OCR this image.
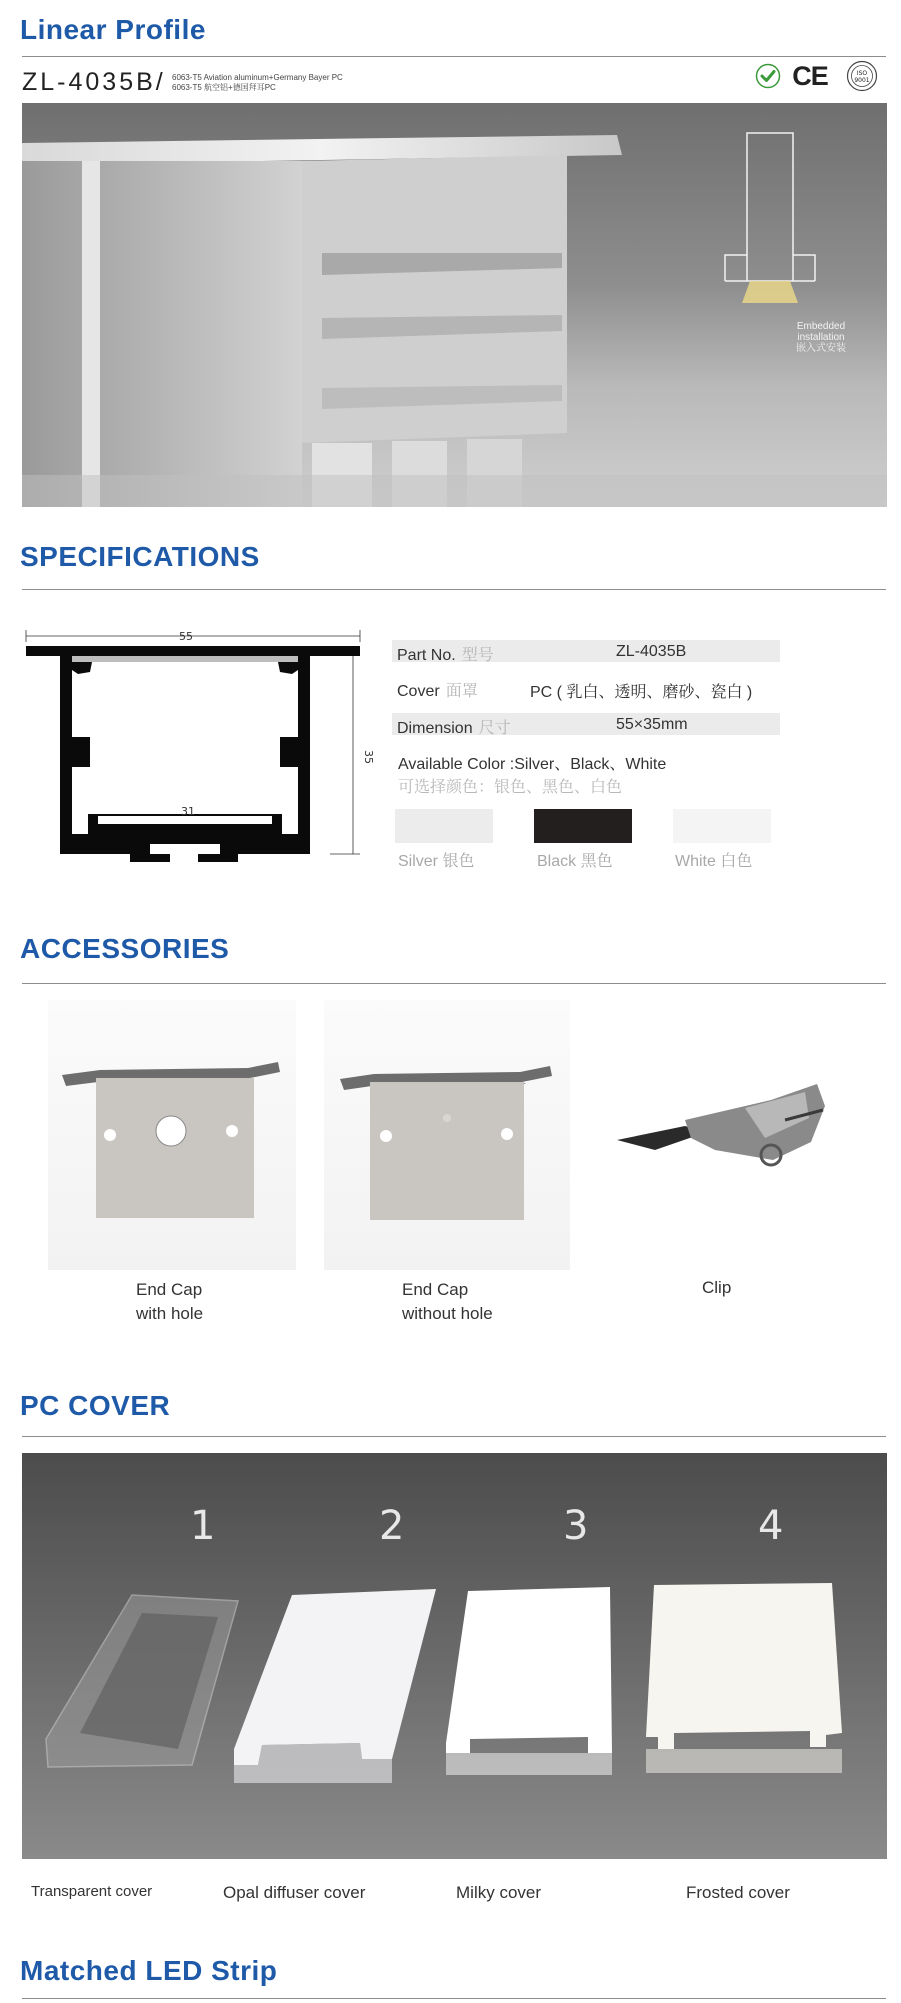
Linear Profile
ZL-4035B/ 6063-T5 Aviation aluminum+Germany Bayer PC
6063-T5 航空铝+德国拜耳PC	CE	ISO
9001
Embedded
installation
嵌入式安装
SPECIFICATIONS
55
35
31
Part No. 型号	ZL-4035B
Cover 面罩	PC ( 乳白、透明、磨砂、瓷白 )
Dimension 尺寸	55×35mm
Available Color :Silver、Black、White
可选择颜色：银色、黑色、白色
Silver 银色	Black 黑色	White 白色
ACCESSORIES
End Cap
with hole
End Cap
without hole
Clip
PC COVER
1	2	3	4
Transparent cover	Opal diffuser cover	Milky cover	Frosted cover
Matched LED Strip
